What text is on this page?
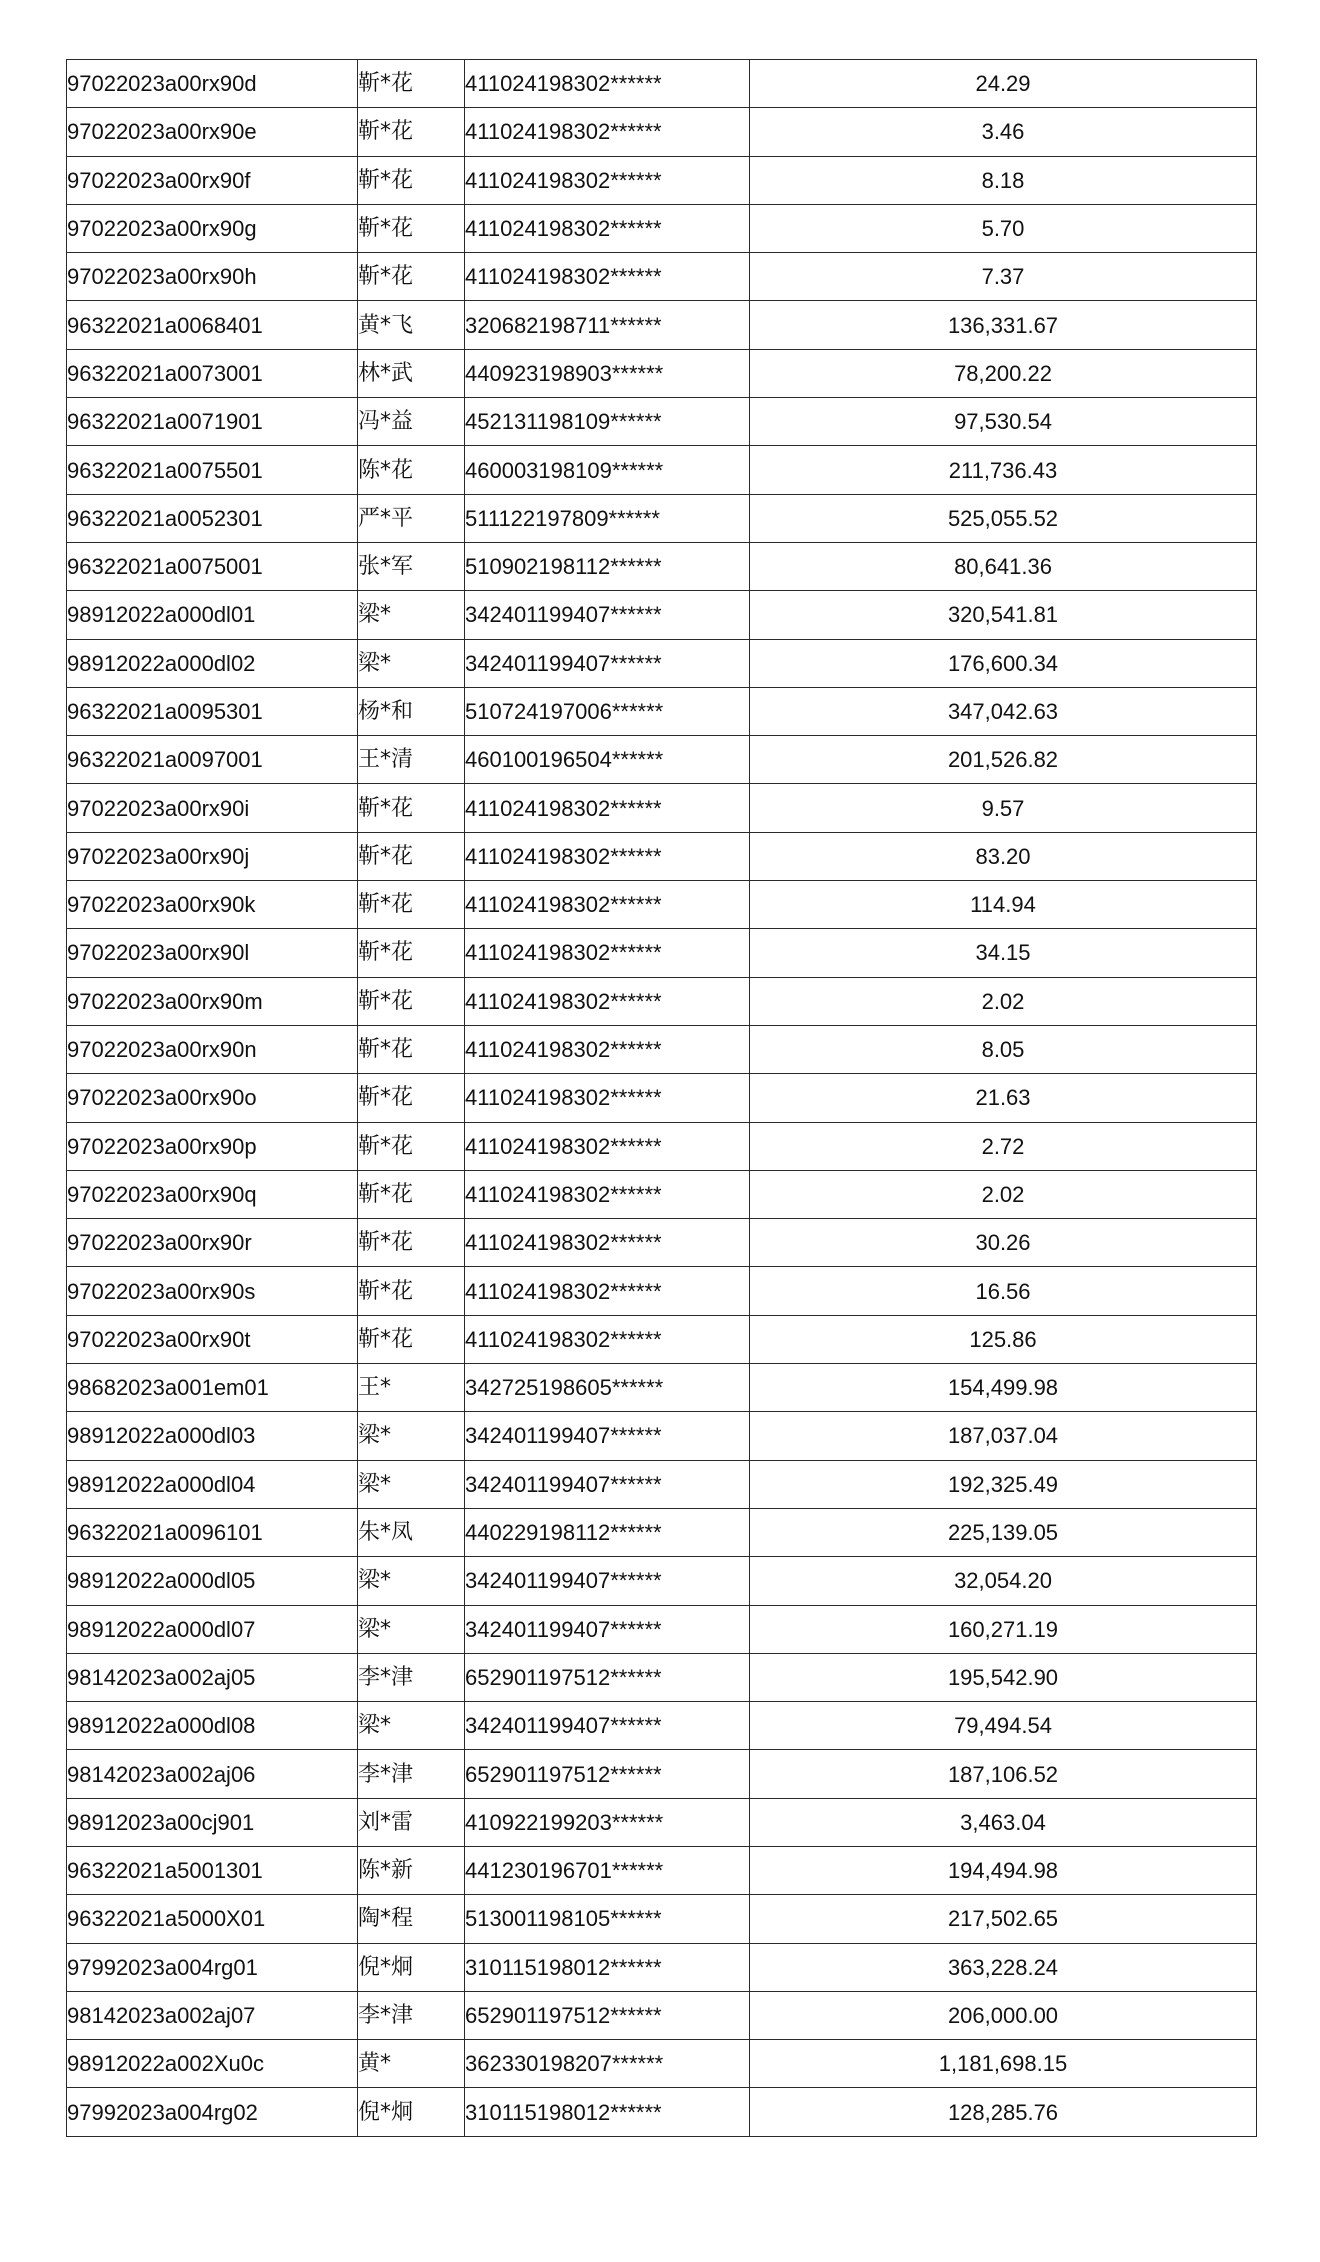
97022023a00rx90d	靳*花	411024198302******	24.29
97022023a00rx90e	靳*花	411024198302******	3.46
97022023a00rx90f	靳*花	411024198302******	8.18
97022023a00rx90g	靳*花	411024198302******	5.70
97022023a00rx90h	靳*花	411024198302******	7.37
96322021a0068401	黄*飞	320682198711******	136,331.67
96322021a0073001	林*武	440923198903******	78,200.22
96322021a0071901	冯*益	452131198109******	97,530.54
96322021a0075501	陈*花	460003198109******	211,736.43
96322021a0052301	严*平	511122197809******	525,055.52
96322021a0075001	张*军	510902198112******	80,641.36
98912022a000dl01	梁*	342401199407******	320,541.81
98912022a000dl02	梁*	342401199407******	176,600.34
96322021a0095301	杨*和	510724197006******	347,042.63
96322021a0097001	王*清	460100196504******	201,526.82
97022023a00rx90i	靳*花	411024198302******	9.57
97022023a00rx90j	靳*花	411024198302******	83.20
97022023a00rx90k	靳*花	411024198302******	114.94
97022023a00rx90l	靳*花	411024198302******	34.15
97022023a00rx90m	靳*花	411024198302******	2.02
97022023a00rx90n	靳*花	411024198302******	8.05
97022023a00rx90o	靳*花	411024198302******	21.63
97022023a00rx90p	靳*花	411024198302******	2.72
97022023a00rx90q	靳*花	411024198302******	2.02
97022023a00rx90r	靳*花	411024198302******	30.26
97022023a00rx90s	靳*花	411024198302******	16.56
97022023a00rx90t	靳*花	411024198302******	125.86
98682023a001em01	王*	342725198605******	154,499.98
98912022a000dl03	梁*	342401199407******	187,037.04
98912022a000dl04	梁*	342401199407******	192,325.49
96322021a0096101	朱*凤	440229198112******	225,139.05
98912022a000dl05	梁*	342401199407******	32,054.20
98912022a000dl07	梁*	342401199407******	160,271.19
98142023a002aj05	李*津	652901197512******	195,542.90
98912022a000dl08	梁*	342401199407******	79,494.54
98142023a002aj06	李*津	652901197512******	187,106.52
98912023a00cj901	刘*雷	410922199203******	3,463.04
96322021a5001301	陈*新	441230196701******	194,494.98
96322021a5000X01	陶*程	513001198105******	217,502.65
97992023a004rg01	倪*炯	310115198012******	363,228.24
98142023a002aj07	李*津	652901197512******	206,000.00
98912022a002Xu0c	黄*	362330198207******	1,181,698.15
97992023a004rg02	倪*炯	310115198012******	128,285.76
